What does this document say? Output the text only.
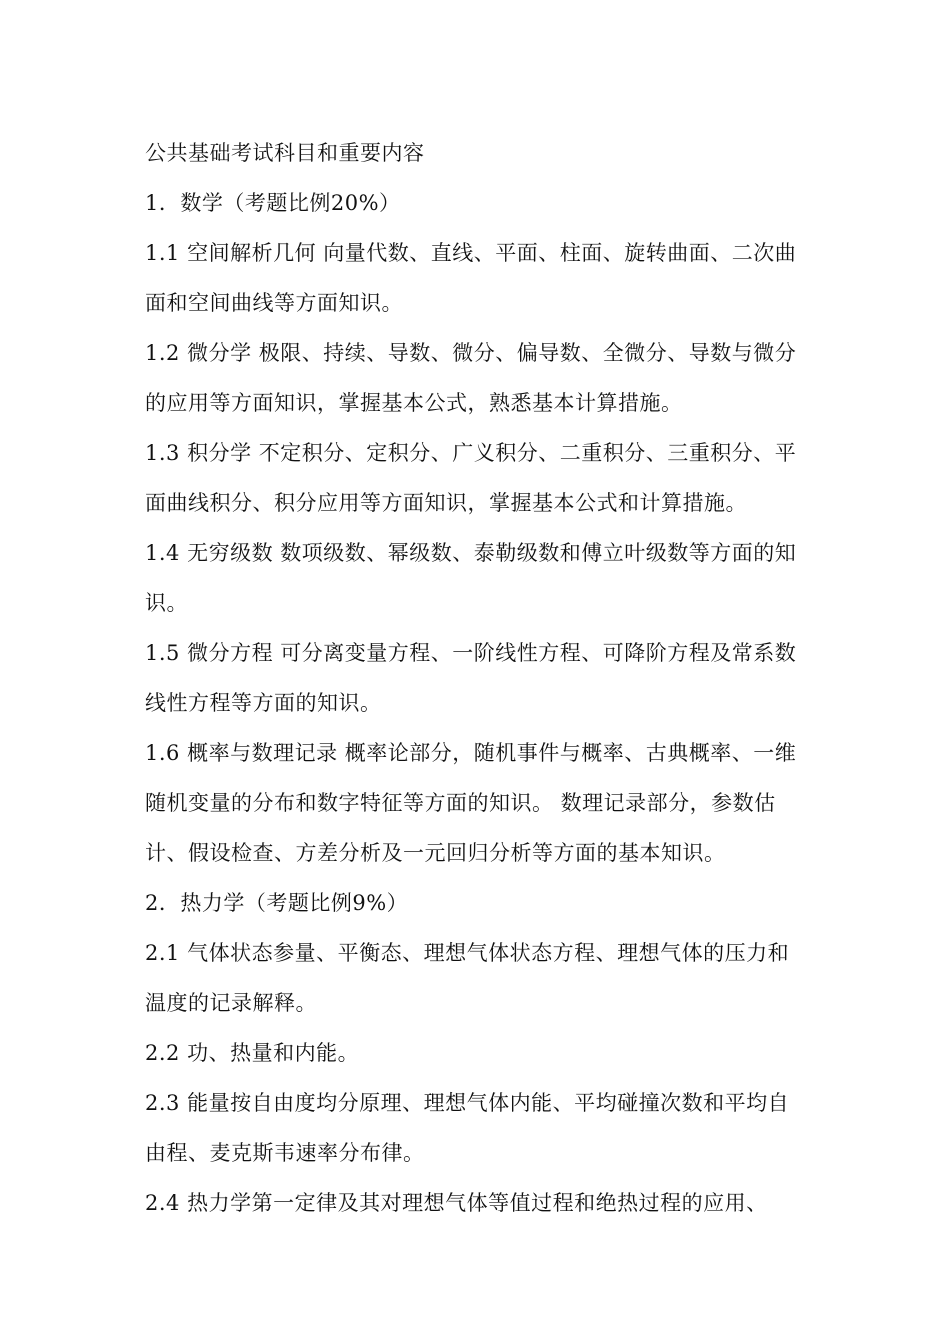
公共基础考试科目和重要内容

1．数学（考题比例20%）

1.1 空间解析几何 向量代数、直线、平面、柱面、旋转曲面、二次曲面和空间曲线等方面知识。

1.2 微分学 极限、持续、导数、微分、偏导数、全微分、导数与微分的应用等方面知识，掌握基本公式，熟悉基本计算措施。

1.3 积分学 不定积分、定积分、广义积分、二重积分、三重积分、平面曲线积分、积分应用等方面知识，掌握基本公式和计算措施。

1.4 无穷级数 数项级数、幂级数、泰勒级数和傅立叶级数等方面的知识。

1.5 微分方程 可分离变量方程、一阶线性方程、可降阶方程及常系数线性方程等方面的知识。

1.6 概率与数理记录 概率论部分，随机事件与概率、古典概率、一维随机变量的分布和数字特征等方面的知识。 数理记录部分，参数估计、假设检查、方差分析及一元回归分析等方面的基本知识。

2．热力学（考题比例9%）

2.1 气体状态参量、平衡态、理想气体状态方程、理想气体的压力和温度的记录解释。

2.2 功、热量和内能。

2.3 能量按自由度均分原理、理想气体内能、平均碰撞次数和平均自由程、麦克斯韦速率分布律。

2.4 热力学第一定律及其对理想气体等值过程和绝热过程的应用、
